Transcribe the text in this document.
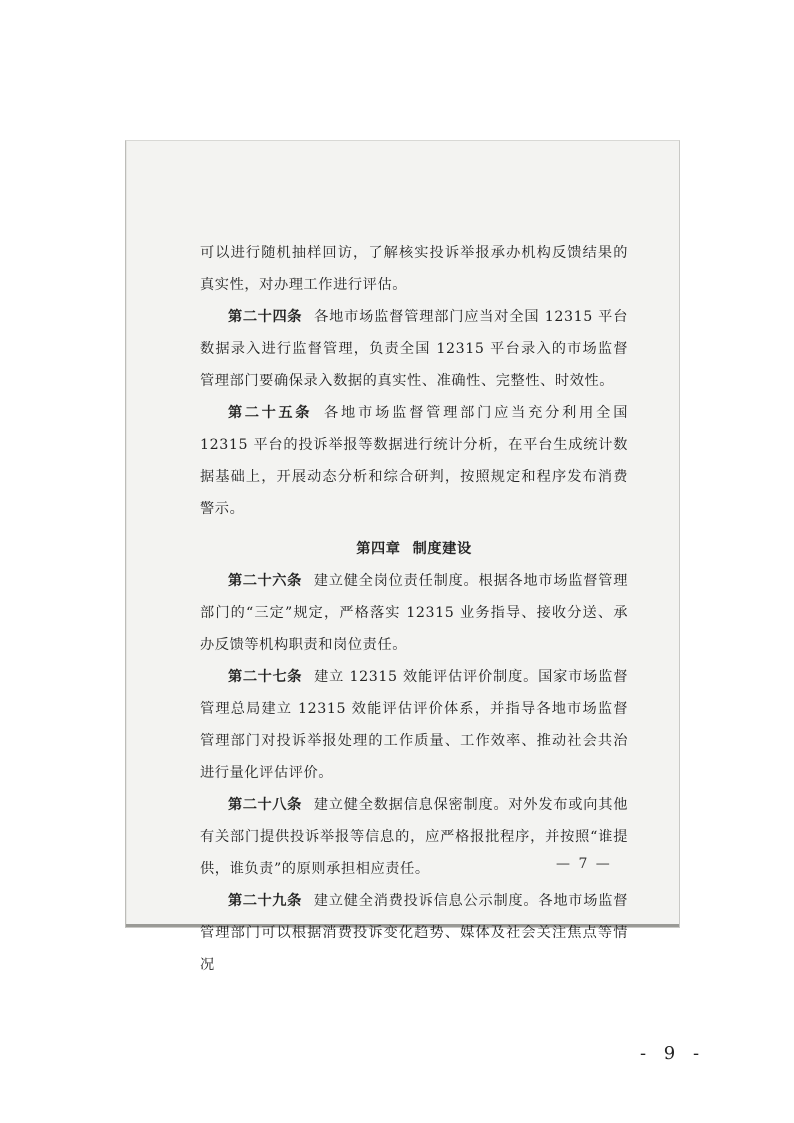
可以进行随机抽样回访，了解核实投诉举报承办机构反馈结果的真实性，对办理工作进行评估。

第二十四条 各地市场监督管理部门应当对全国 12315 平台数据录入进行监督管理，负责全国 12315 平台录入的市场监督管理部门要确保录入数据的真实性、准确性、完整性、时效性。

第二十五条 各地市场监督管理部门应当充分利用全国 12315 平台的投诉举报等数据进行统计分析，在平台生成统计数据基础上，开展动态分析和综合研判，按照规定和程序发布消费警示。

第四章 制度建设

第二十六条 建立健全岗位责任制度。根据各地市场监督管理部门的“三定”规定，严格落实 12315 业务指导、接收分送、承办反馈等机构职责和岗位责任。

第二十七条 建立 12315 效能评估评价制度。国家市场监督管理总局建立 12315 效能评估评价体系，并指导各地市场监督管理部门对投诉举报处理的工作质量、工作效率、推动社会共治进行量化评估评价。

第二十八条 建立健全数据信息保密制度。对外发布或向其他有关部门提供投诉举报等信息的，应严格报批程序，并按照“谁提供，谁负责”的原则承担相应责任。

第二十九条 建立健全消费投诉信息公示制度。各地市场监督管理部门可以根据消费投诉变化趋势、媒体及社会关注焦点等情况

— 7 —
- 9 -
